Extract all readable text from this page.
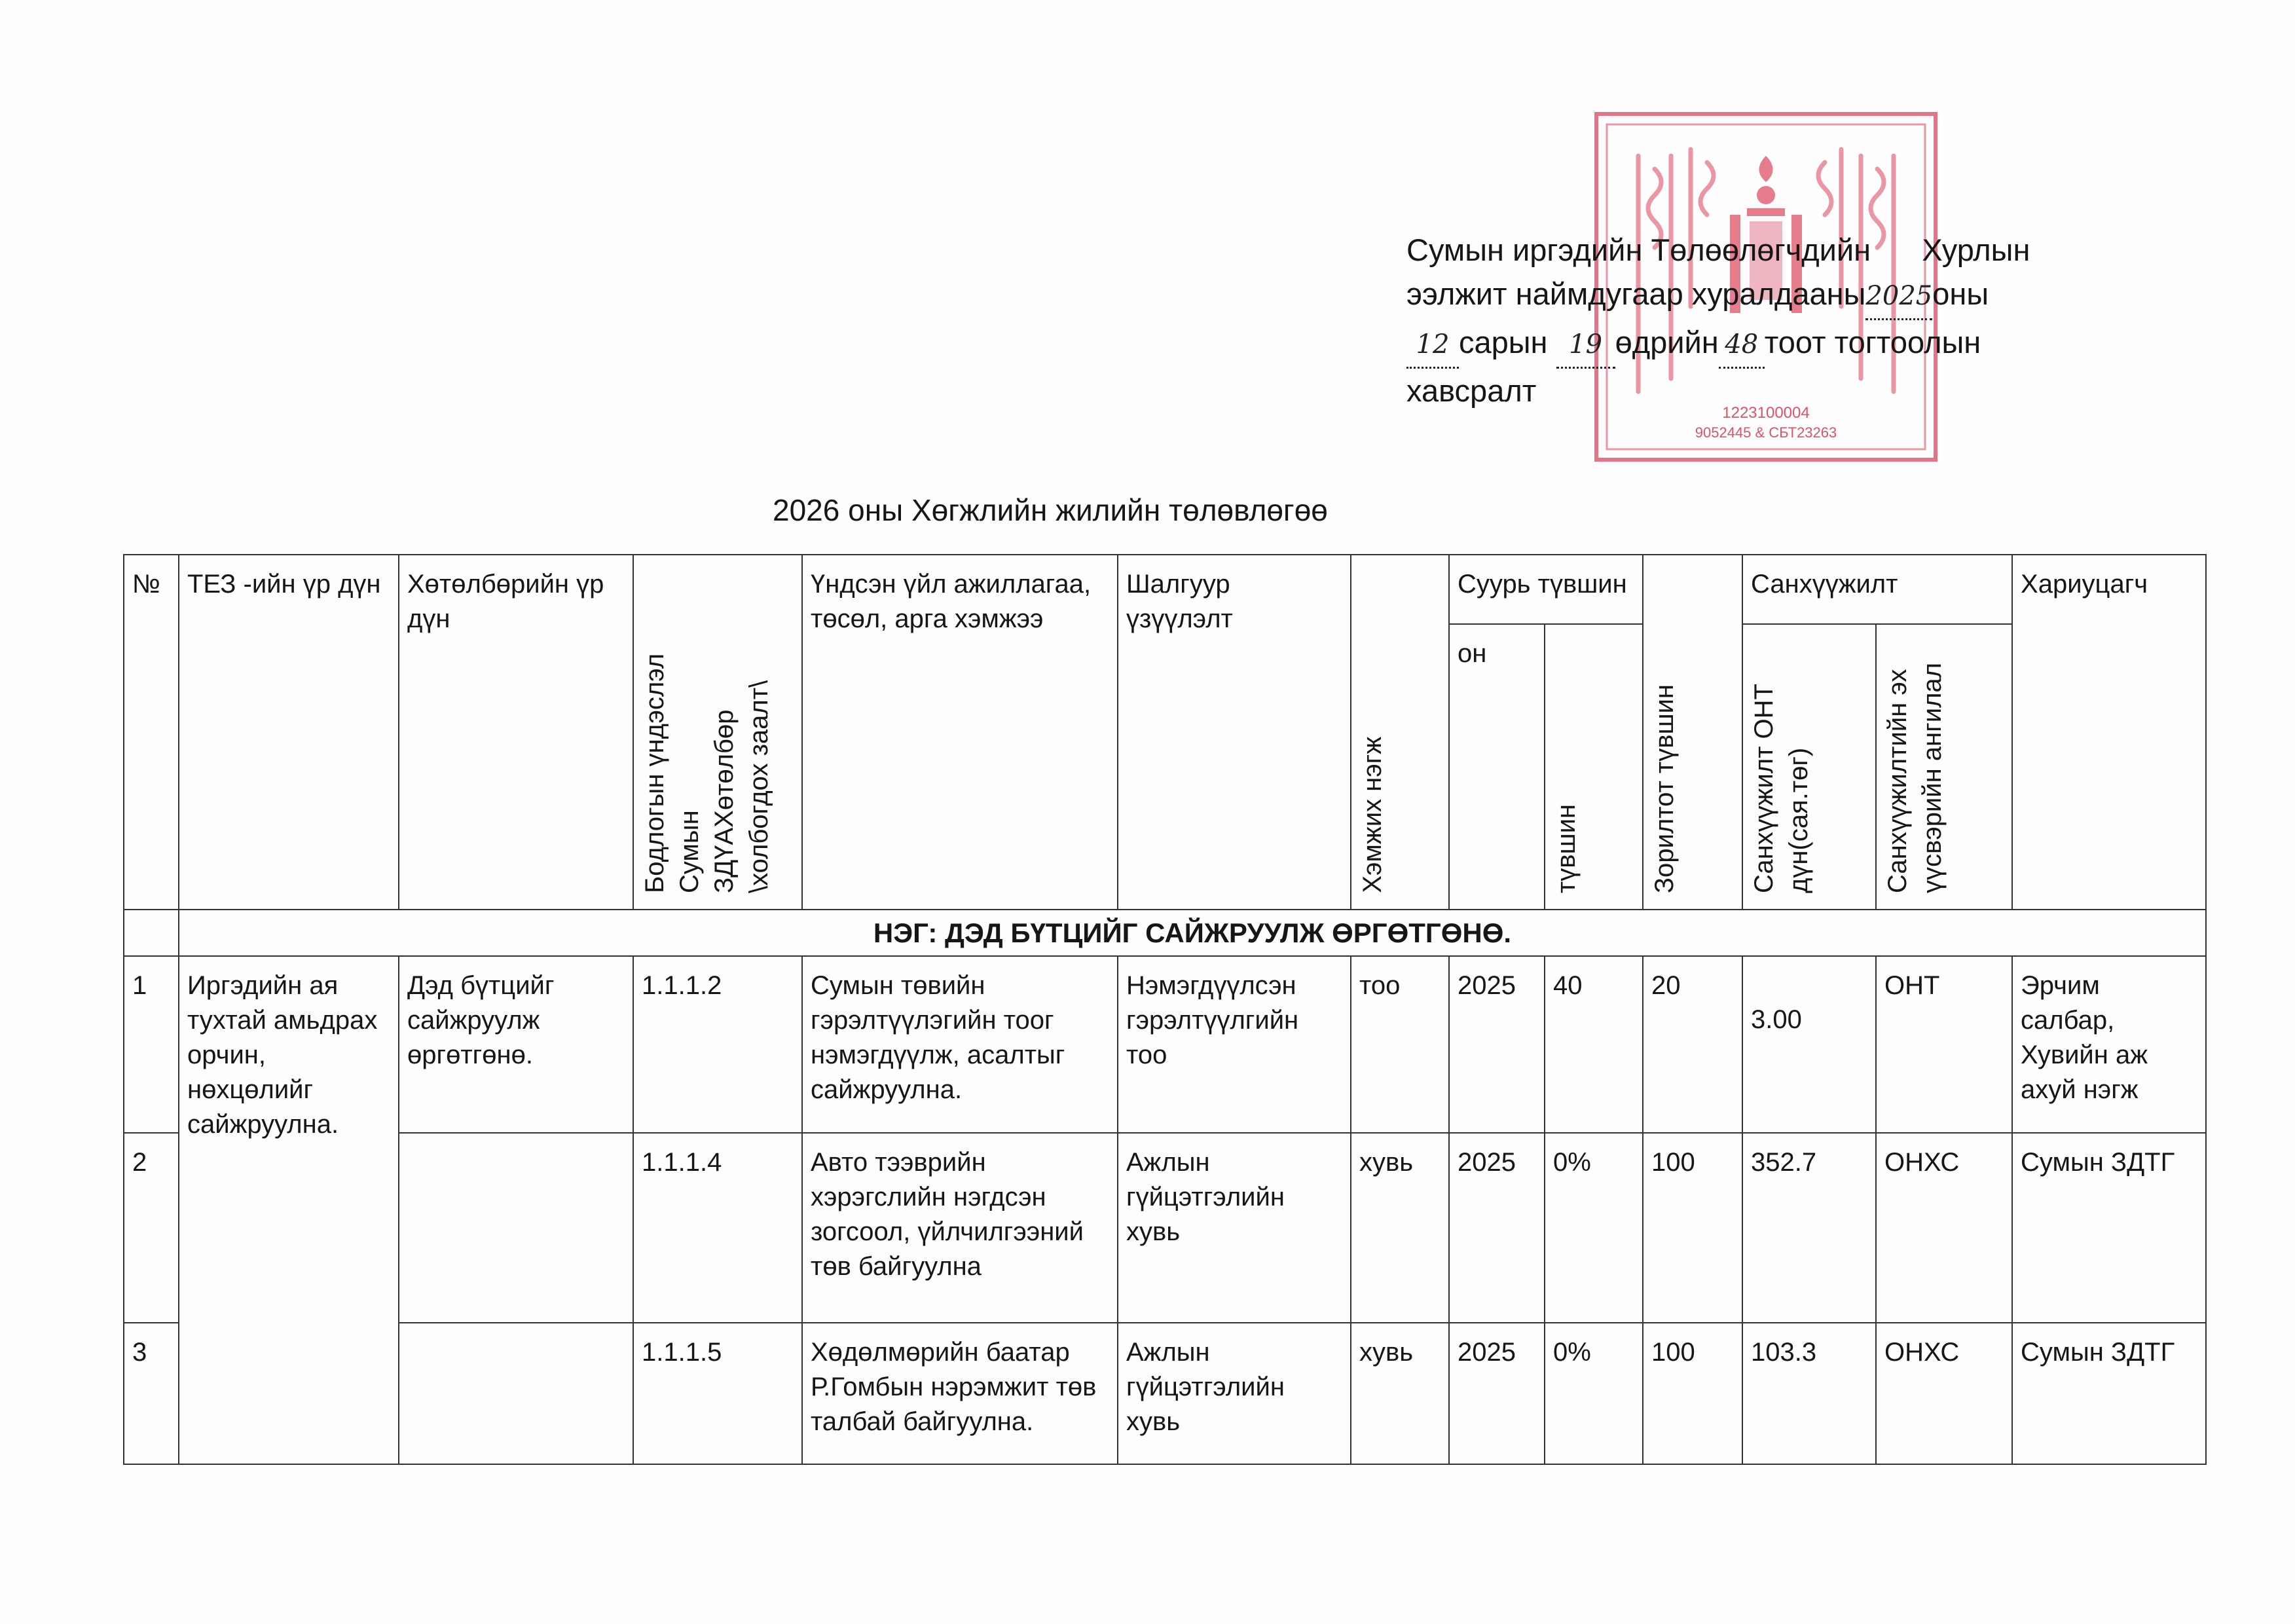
1223100004
9052445 & СБТ23263
Сумын иргэдийн Төлөөлөгчдийн      Хурлын
ээлжит наймдугаар хуралдааны2025оны
12 сарын 19 өдрийн 48 тоот тогтоолын
хавсралт
2026 оны Хөгжлийн жилийн төлөвлөгөө
№	ТЕЗ -ийн үр дүн	Хөтөлбөрийн үр дүн	Бодлогын үндэслэл Сумын ЗДҮАХөтөлбөр \холбогдох заалт\	Үндсэн үйл ажиллагаа, төсөл, арга хэмжээ	Шалгуур үзүүлэлт	Хэмжих нэгж	Суурь түвшин		Зорилтот түвшин	Санхүүжилт		Хариуцагч
							он	түвшин		Санхүүжилт ОНТ дүн(сая.төг)	Санхүүжилтийн эх үүсвэрийн ангилал	
	НЭГ: ДЭД БҮТЦИЙГ САЙЖРУУЛЖ ӨРГӨТГӨНӨ.											
1	Иргэдийн ая тухтай амьдрах орчин, нөхцөлийг сайжруулна.	Дэд бүтцийг сайжруулж өргөтгөнө.	1.1.1.2	Сумын төвийн гэрэлтүүлэгийн тоог нэмэгдүүлж, асалтыг сайжруулна.	Нэмэгдүүлсэн гэрэлтүүлгийн тоо	тоо	2025	40	20	3.00	ОНТ	Эрчим салбар, Хувийн аж ахуй нэгж
2			1.1.1.4	Авто тээврийн хэрэгслийн нэгдсэн зогсоол, үйлчилгээний төв байгуулна	Ажлын гүйцэтгэлийн хувь	хувь	2025	0%	100	352.7	ОНХС	Сумын ЗДТГ
3			1.1.1.5	Хөдөлмөрийн баатар Р.Гомбын нэрэмжит төв талбай байгуулна.	Ажлын гүйцэтгэлийн хувь	хувь	2025	0%	100	103.3	ОНХС	Сумын ЗДТГ
